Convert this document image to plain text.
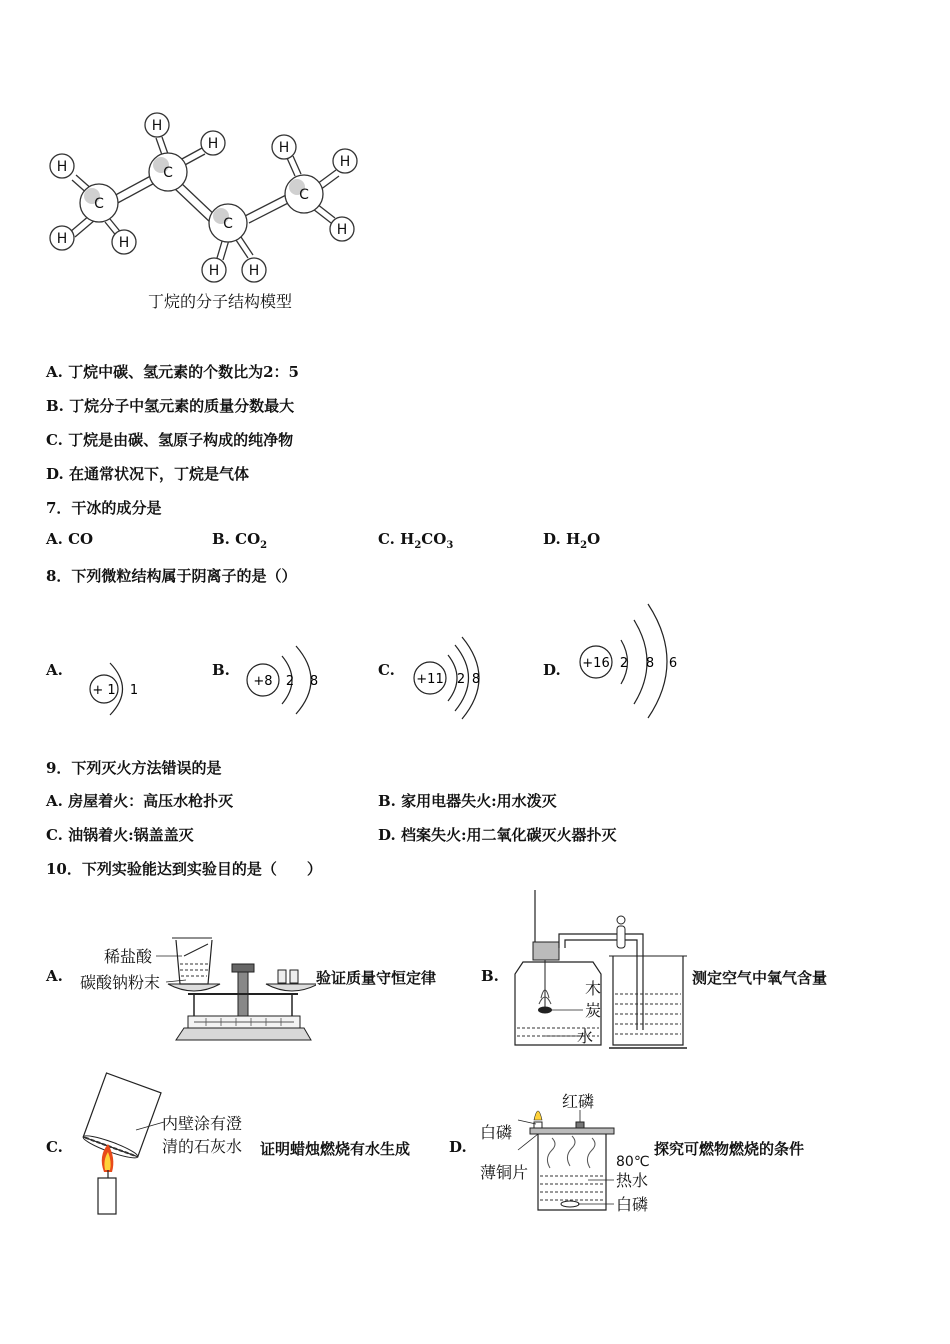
C
C
C
C
H
H	H
H
H
H H
H
H
H
丁烷的分子结构模型
A. 丁烷中碳、氢元素的个数比为2：5
B. 丁烷分子中氢元素的质量分数最大
C. 丁烷是由碳、氢原子构成的纯净物
D. 在通常状况下，丁烷是气体
7．干冰的成分是
A. CO	B. $CO_2$	C. $H_2CO_3$	D. $H_2O$
8．下列微粒结构属于阴离子的是（）
A.
+ 1 1
B.
+8 2 8
C.
+11 2 8
D. +16 2 8 6
9．下列灭火方法错误的是
A. 房屋着火：高压水枪扑灭	B. 家用电器失火:用水泼灭
C. 油锅着火:锅盖盖灭	D. 档案失火:用二氧化碳灭火器扑灭
10．下列实验能达到实验目的是（　　）
A.
稀盐酸
碳酸钠粉末	验证质量守恒定律	B.
木
炭
水
测定空气中氧气含量
C.
内壁涂有澄
清的石灰水 证明蜡烛燃烧有水生成	D.
红磷
白磷
薄铜片
80℃
热水
白磷
探究可燃物燃烧的条件
